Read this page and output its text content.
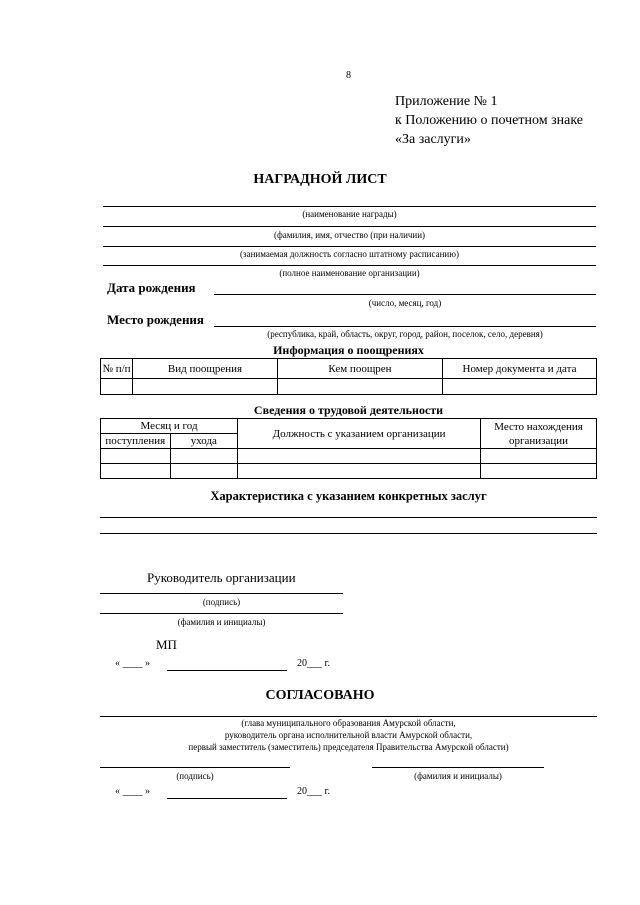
8
Приложение № 1
к Положению о почетном знаке
«За заслуги»
НАГРАДНОЙ ЛИСТ
(наименование награды)
(фамилия, имя, отчество (при наличии)
(занимаемая должность согласно штатному расписанию)
(полное наименование организации)
Дата рождения
(число, месяц, год)
Место рождения
(республика, край, область, округ, город, район, поселок, село, деревня)
Информация о поощрениях
№ п/п	Вид поощрения	Кем поощрен	Номер документа и дата

Сведения о трудовой деятельности
Месяц и год		Должность с указанием организации	Место нахождения организации
поступления	ухода		

Характеристика с указанием конкретных заслуг
Руководитель организации
(подпись)
(фамилия и инициалы)
МП
« ____ »	20___ г.
СОГЛАСОВАНО
(глава муниципального образования Амурской области,
руководитель органа исполнительной власти Амурской области,
первый заместитель (заместитель) председателя Правительства Амурской области)
(подпись)	(фамилия и инициалы)
« ____ »	20___ г.
